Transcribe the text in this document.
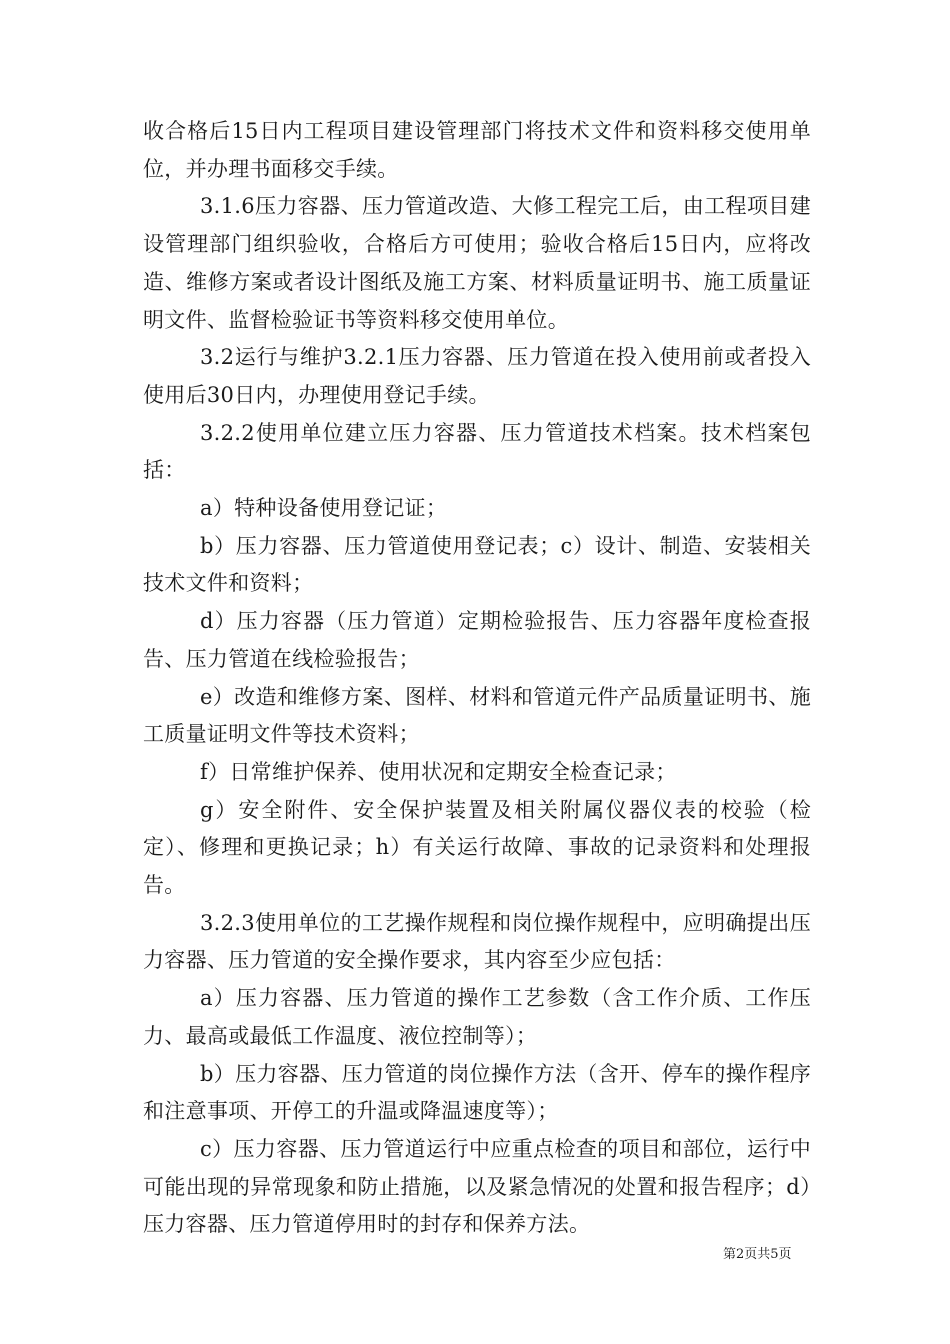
收合格后15日内工程项目建设管理部门将技术文件和资料移交使用单位，并办理书面移交手续。

3.1.6压力容器、压力管道改造、大修工程完工后，由工程项目建设管理部门组织验收，合格后方可使用；验收合格后15日内，应将改造、维修方案或者设计图纸及施工方案、材料质量证明书、施工质量证明文件、监督检验证书等资料移交使用单位。

3.2运行与维护3.2.1压力容器、压力管道在投入使用前或者投入使用后30日内，办理使用登记手续。

3.2.2使用单位建立压力容器、压力管道技术档案。技术档案包括：

a）特种设备使用登记证；

b）压力容器、压力管道使用登记表；c）设计、制造、安装相关技术文件和资料；

d）压力容器（压力管道）定期检验报告、压力容器年度检查报告、压力管道在线检验报告；

e）改造和维修方案、图样、材料和管道元件产品质量证明书、施工质量证明文件等技术资料；

f）日常维护保养、使用状况和定期安全检查记录；

g）安全附件、安全保护装置及相关附属仪器仪表的校验（检定）、修理和更换记录；h）有关运行故障、事故的记录资料和处理报告。

3.2.3使用单位的工艺操作规程和岗位操作规程中，应明确提出压力容器、压力管道的安全操作要求，其内容至少应包括：

a）压力容器、压力管道的操作工艺参数（含工作介质、工作压力、最高或最低工作温度、液位控制等）；

b）压力容器、压力管道的岗位操作方法（含开、停车的操作程序和注意事项、开停工的升温或降温速度等）；

c）压力容器、压力管道运行中应重点检查的项目和部位，运行中可能出现的异常现象和防止措施，以及紧急情况的处置和报告程序；d）压力容器、压力管道停用时的封存和保养方法。

第2页共5页
